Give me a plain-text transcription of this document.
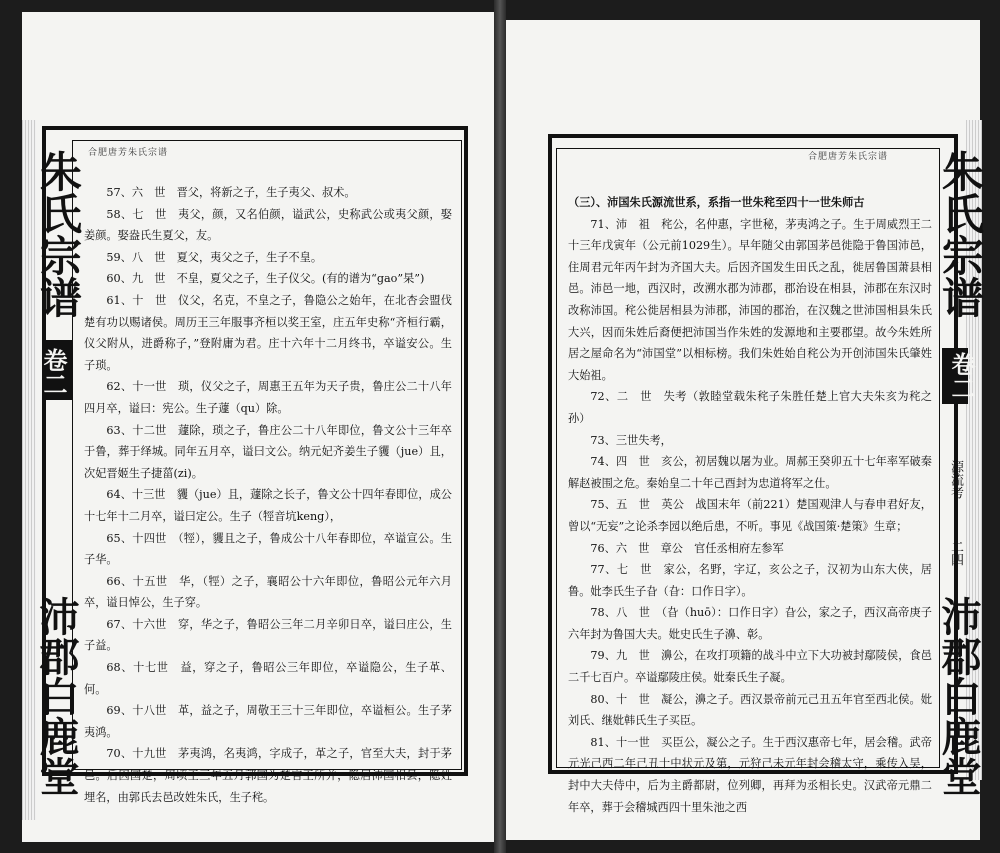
合肥唐芳朱氏宗谱
朱氏宗谱
卷二
沛郡白鹿堂

57、六　世　晋父，将新之子，生子夷父、叔术。

58、七　世　夷父，颜，又名伯颜，谥武公，史称武公或夷父颜，娶姜颜。娶盎氏生夏父，友。

59、八　世　夏父，夷父之子，生子不皇。

60、九　世　不皇，夏父之子，生子仪父。(有的谱为“gao”杲”)

61、十　世　仪父，名克，不皇之子，鲁隐公之始年，在北杏会盟伐楚有功以赐诸侯。周历王三年服事齐桓以奖王室，庄五年史称“齐桓行霸，仪父附从，进爵称子，”登附庸为君。庄十六年十二月终书，卒谥安公。生子琐。

62、十一世　琐，仪父之子，周惠王五年为天子贵，鲁庄公二十八年四月卒，谥曰：宪公。生子蘧（qu）除。

63、十二世　蘧除，琐之子，鲁庄公二十八年即位，鲁文公十三年卒于鲁，葬于绎城。同年五月卒，谥曰文公。纳元妃齐姜生子貜（jue）且，次妃晋姬生子捷菑(zi)。

64、十三世　貜（jue）且，蘧除之长子，鲁文公十四年春即位，成公十七年十二月卒，谥曰定公。生子（牼音坑keng），

65、十四世　（牼），貜且之子，鲁成公十八年春即位，卒谥宣公。生子华。

66、十五世　华，（牼）之子，襄昭公十六年即位，鲁昭公元年六月卒，谥日悼公，生子穿。

67、十六世　穿，华之子，鲁昭公三年二月辛卯日卒，谥曰庄公，生子益。

68、十七世　益，穿之子，鲁昭公三年即位，卒谥隐公，生子革、何。

69、十八世　革，益之子，周敬王三十三年即位，卒谥桓公。生子茅夷鸿。

70、十九世　茅夷鸿，名夷鸿，字成子，革之子，官至大夫，封于茅邑。后因国楚，周顷王三年五月郭国为楚官王所并，隐居沛国相县，隐姓埋名，由郭氏去邑改姓朱氏，生子秺。

合肥唐芳朱氏宗谱 朱氏宗谱
卷二
沛郡白鹿堂
源流考
二四

（三）、沛国朱氏源流世系，系指一世朱秺至四十一世朱师古

71、沛　祖　秺公，名仲惠，字世秘，茅夷鸿之子。生于周威烈王二十三年戊寅年（公元前1029生）。早年随父由郭国茅邑徙隐于鲁国沛邑，住周君元年丙午封为齐国大夫。后因齐国发生田氏之乱，徙居鲁国萧县相邑。沛邑一地，西汉时，改溯水郡为沛郡，郡治设在相县，沛郡在东汉时改称沛国。秺公徙居相县为沛郡，沛国的郡治，在汉魏之世沛国相县朱氏大兴，因而朱姓后裔便把沛国当作朱姓的发源地和主要郡望。故今朱姓所居之屋命名为“沛国堂”以相标榜。我们朱姓始自秺公为开创沛国朱氏肇姓大始祖。

72、二　世　失考（敦睦堂载朱秺子朱胜任楚上官大夫朱亥为秺之孙）

73、三世失考，

74、四　世　亥公，初居魏以屠为业。周郝王癸卯五十七年率军破秦解赵被围之危。秦始皇二十年己酉封为忠道将军之仕。

75、五　世　英公　战国末年（前221）楚国观津人与春申君好友，曾以“无妄”之论杀李园以绝后患，不听。事见《战国策·楚策》生章；

76、六　世　章公　官任丞相府左参军

77、七　世　家公，名野，字辽，亥公之子，汉初为山东大侠，居鲁。妣李氏生子旮（旮：口作日字）。

78、八　世　（旮（huō）：口作日字）旮公，家之子，西汉高帝庚子六年封为鲁国大夫。妣史氏生子濞、彰。

79、九　世　濞公，在攻打项籍的战斗中立下大功被封鄢陵侯，食邑二千七百户。卒谥鄢陵庄侯。妣秦氏生子凝。

80、十　世　凝公，濞之子。西汉景帝前元己丑五年官至西北侯。妣刘氏、继妣韩氏生子买臣。

81、十一世　买臣公，凝公之子。生于西汉惠帝七年，居会稽。武帝元光己西二年己丑十中状元及第，元狩己未元年封会稽太守，乘传入吴，封中大夫侍中，后为主爵都尉，位列卿，再拜为丞相长史。汉武帝元鼎二年卒，葬于会稽城西四十里朱池之西
